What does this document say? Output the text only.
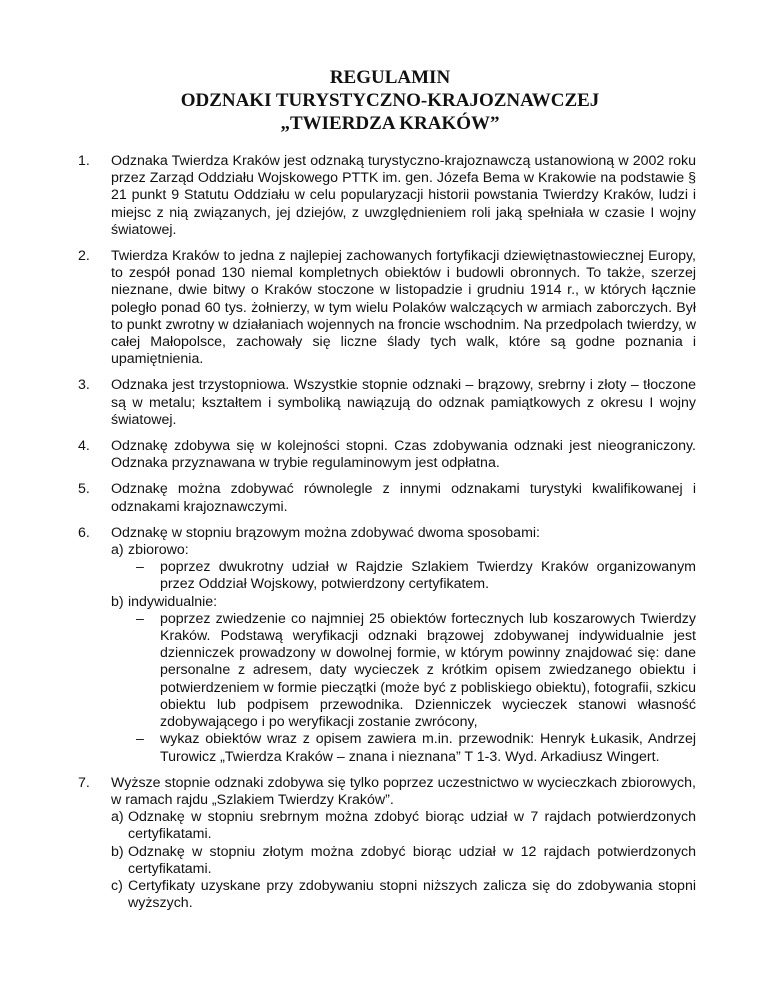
REGULAMIN
ODZNAKI TURYSTYCZNO-KRAJOZNAWCZEJ
„TWIERDZA KRAKÓW”
1. Odznaka Twierdza Kraków jest odznaką turystyczno-krajoznawczą ustanowioną w 2002 roku przez Zarząd Oddziału Wojskowego PTTK im. gen. Józefa Bema w Krakowie na podstawie § 21 punkt 9 Statutu Oddziału w celu popularyzacji historii powstania Twierdzy Kraków, ludzi i miejsc z nią związanych, jej dziejów, z uwzględnieniem roli jaką spełniała w czasie I wojny światowej.

2. Twierdza Kraków to jedna z najlepiej zachowanych fortyfikacji dziewiętnastowiecznej Europy, to zespół ponad 130 niemal kompletnych obiektów i budowli obronnych. To także, szerzej nieznane, dwie bitwy o Kraków stoczone w listopadzie i grudniu 1914 r., w których łącznie poległo ponad 60 tys. żołnierzy, w tym wielu Polaków walczących w armiach zaborczych. Był to punkt zwrotny w działaniach wojennych na froncie wschodnim. Na przedpolach twierdzy, w całej Małopolsce, zachowały się liczne ślady tych walk, które są godne poznania i upamiętnienia.

3. Odznaka jest trzystopniowa. Wszystkie stopnie odznaki – brązowy, srebrny i złoty – tłoczone są w metalu; kształtem i symboliką nawiązują do odznak pamiątkowych z okresu I wojny światowej.

4. Odznakę zdobywa się w kolejności stopni. Czas zdobywania odznaki jest nieograniczony. Odznaka przyznawana w trybie regulaminowym jest odpłatna.

5. Odznakę można zdobywać równolegle z innymi odznakami turystyki kwalifikowanej i odznakami krajoznawczymi.

6. Odznakę w stopniu brązowym można zdobywać dwoma sposobami:

a) zbiorowo:
– poprzez dwukrotny udział w Rajdzie Szlakiem Twierdzy Kraków organizowanym przez Oddział Wojskowy, potwierdzony certyfikatem.
b) indywidualnie:
– poprzez zwiedzenie co najmniej 25 obiektów fortecznych lub koszarowych Twierdzy Kraków. Podstawą weryfikacji odznaki brązowej zdobywanej indywidualnie jest dzienniczek prowadzony w dowolnej formie, w którym powinny znajdować się: dane personalne z adresem, daty wycieczek z krótkim opisem zwiedzanego obiektu i potwierdzeniem w formie pieczątki (może być z pobliskiego obiektu), fotografii, szkicu obiektu lub podpisem przewodnika. Dzienniczek wycieczek stanowi własność zdobywającego i po weryfikacji zostanie zwrócony,
– wykaz obiektów wraz z opisem zawiera m.in. przewodnik: Henryk Łukasik, Andrzej Turowicz „Twierdza Kraków – znana i nieznana” T 1-3. Wyd. Arkadiusz Wingert.
7. Wyższe stopnie odznaki zdobywa się tylko poprzez uczestnictwo w wycieczkach zbiorowych, w ramach rajdu „Szlakiem Twierdzy Kraków”.

a) Odznakę w stopniu srebrnym można zdobyć biorąc udział w 7 rajdach potwierdzonych certyfikatami.
b) Odznakę w stopniu złotym można zdobyć biorąc udział w 12 rajdach potwierdzonych certyfikatami.
c) Certyfikaty uzyskane przy zdobywaniu stopni niższych zalicza się do zdobywania stopni wyższych.
